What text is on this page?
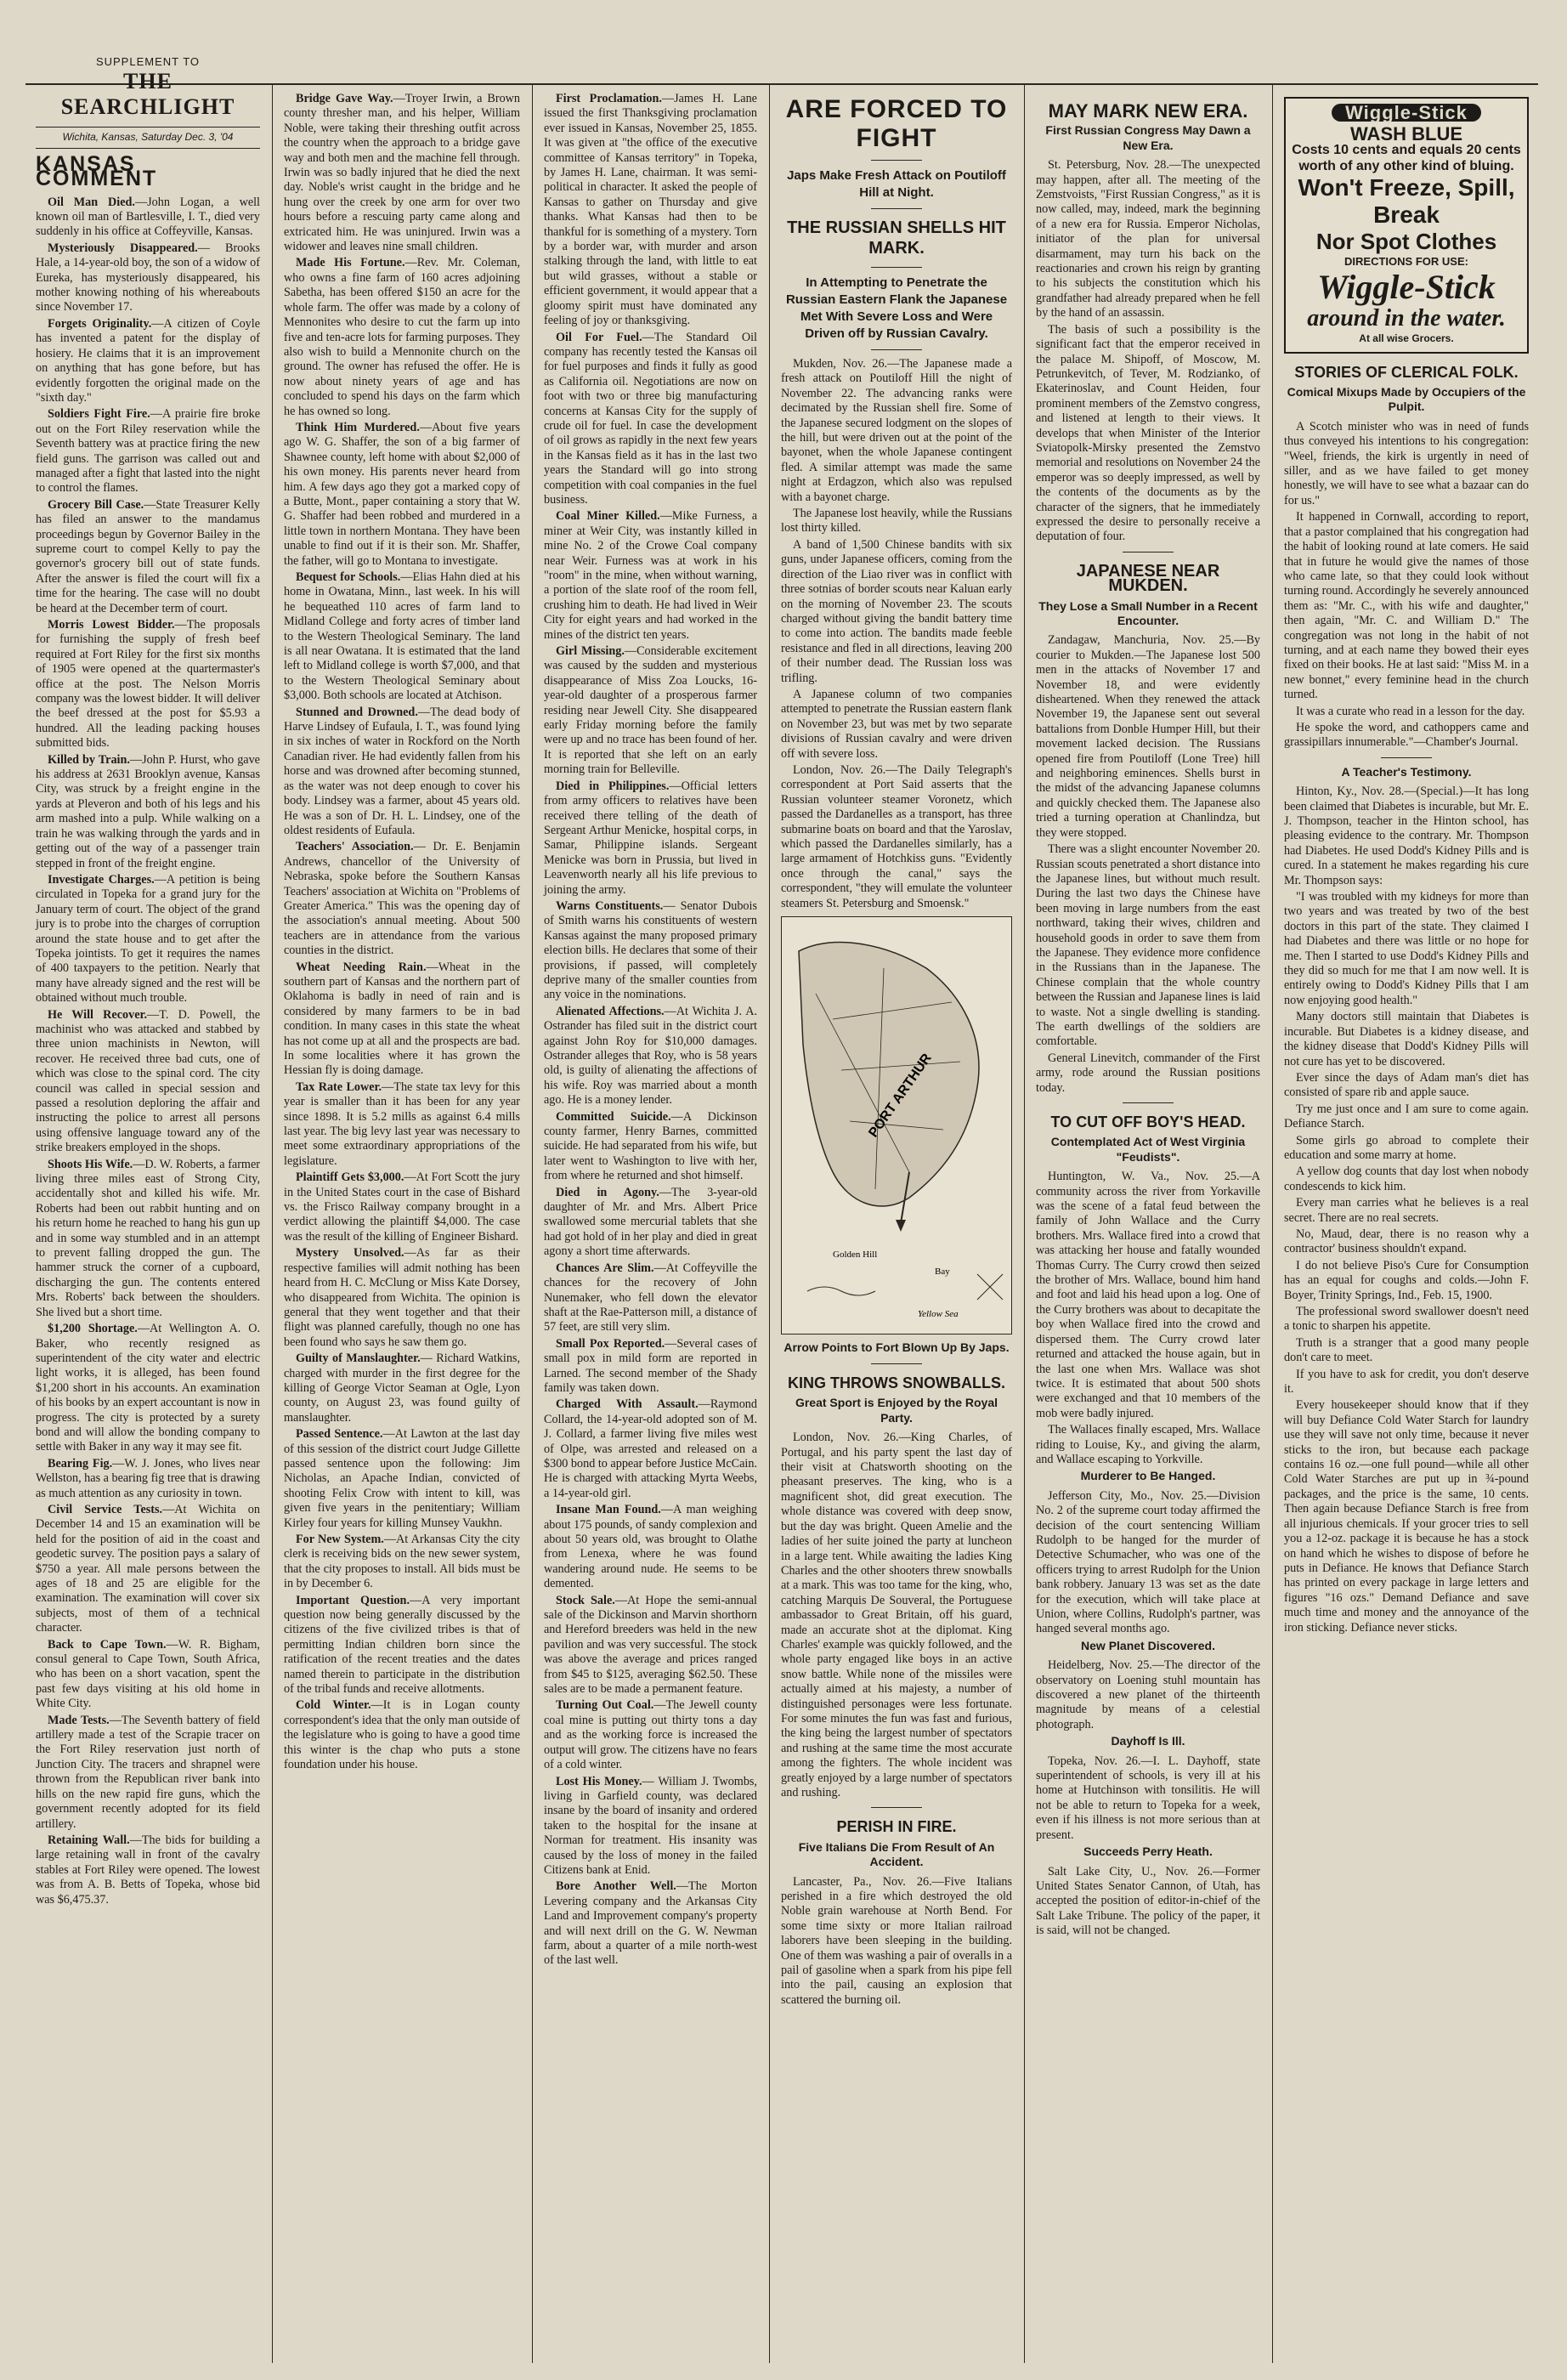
SUPPLEMENT TO
THE SEARCHLIGHT
Wichita, Kansas, Saturday Dec. 3, '04
KANSAS COMMENT

Oil Man Died.—John Logan, a well known oil man of Bartlesville, I. T., died very suddenly in his office at Coffeyville, Kansas.

Mysteriously Disappeared.— Brooks Hale, a 14-year-old boy, the son of a widow of Eureka, has mysteriously disappeared, his mother knowing nothing of his whereabouts since November 17.

Forgets Originality.—A citizen of Coyle has invented a patent for the display of hosiery. He claims that it is an improvement on anything that has gone before, but has evidently forgotten the original made on the "sixth day."

Soldiers Fight Fire.—A prairie fire broke out on the Fort Riley reservation while the Seventh battery was at practice firing the new field guns. The garrison was called out and managed after a fight that lasted into the night to control the flames.

Grocery Bill Case.—State Treasurer Kelly has filed an answer to the mandamus proceedings begun by Governor Bailey in the supreme court to compel Kelly to pay the governor's grocery bill out of state funds. After the answer is filed the court will fix a time for the hearing. The case will no doubt be heard at the December term of court.

Morris Lowest Bidder.—The proposals for furnishing the supply of fresh beef required at Fort Riley for the first six months of 1905 were opened at the quartermaster's office at the post. The Nelson Morris company was the lowest bidder. It will deliver the beef dressed at the post for $5.93 a hundred. All the leading packing houses submitted bids.

Killed by Train.—John P. Hurst, who gave his address at 2631 Brooklyn avenue, Kansas City, was struck by a freight engine in the yards at Pleveron and both of his legs and his arm mashed into a pulp. While walking on a train he was walking through the yards and in getting out of the way of a passenger train stepped in front of the freight engine.

Investigate Charges.—A petition is being circulated in Topeka for a grand jury for the January term of court. The object of the grand jury is to probe into the charges of corruption around the state house and to get after the Topeka jointists. To get it requires the names of 400 taxpayers to the petition. Nearly that many have already signed and the rest will be obtained without much trouble.

He Will Recover.—T. D. Powell, the machinist who was attacked and stabbed by three union machinists in Newton, will recover. He received three bad cuts, one of which was close to the spinal cord. The city council was called in special session and passed a resolution deploring the affair and instructing the police to arrest all persons using offensive language toward any of the strike breakers employed in the shops.

Shoots His Wife.—D. W. Roberts, a farmer living three miles east of Strong City, accidentally shot and killed his wife. Mr. Roberts had been out rabbit hunting and on his return home he reached to hang his gun up and in some way stumbled and in an attempt to prevent falling dropped the gun. The hammer struck the corner of a cupboard, discharging the gun. The contents entered Mrs. Roberts' back between the shoulders. She lived but a short time.

$1,200 Shortage.—At Wellington A. O. Baker, who recently resigned as superintendent of the city water and electric light works, it is alleged, has been found $1,200 short in his accounts. An examination of his books by an expert accountant is now in progress. The city is protected by a surety bond and will allow the bonding company to settle with Baker in any way it may see fit.

Bearing Fig.—W. J. Jones, who lives near Wellston, has a bearing fig tree that is drawing as much attention as any curiosity in town.

Civil Service Tests.—At Wichita on December 14 and 15 an examination will be held for the position of aid in the coast and geodetic survey. The position pays a salary of $750 a year. All male persons between the ages of 18 and 25 are eligible for the examination. The examination will cover six subjects, most of them of a technical character.

Back to Cape Town.—W. R. Bigham, consul general to Cape Town, South Africa, who has been on a short vacation, spent the past few days visiting at his old home in White City.

Made Tests.—The Seventh battery of field artillery made a test of the Scrapie tracer on the Fort Riley reservation just north of Junction City. The tracers and shrapnel were thrown from the Republican river bank into hills on the new rapid fire guns, which the government recently adopted for its field artillery.

Retaining Wall.—The bids for building a large retaining wall in front of the cavalry stables at Fort Riley were opened. The lowest was from A. B. Betts of Topeka, whose bid was $6,475.37.

Bridge Gave Way.—Troyer Irwin, a Brown county thresher man, and his helper, William Noble, were taking their threshing outfit across the country when the approach to a bridge gave way and both men and the machine fell through. Irwin was so badly injured that he died the next day. Noble's wrist caught in the bridge and he hung over the creek by one arm for over two hours before a rescuing party came along and extricated him. He was uninjured. Irwin was a widower and leaves nine small children.

Made His Fortune.—Rev. Mr. Coleman, who owns a fine farm of 160 acres adjoining Sabetha, has been offered $150 an acre for the whole farm. The offer was made by a colony of Mennonites who desire to cut the farm up into five and ten-acre lots for farming purposes. They also wish to build a Mennonite church on the ground. The owner has refused the offer. He is now about ninety years of age and has concluded to spend his days on the farm which he has owned so long.

Think Him Murdered.—About five years ago W. G. Shaffer, the son of a big farmer of Shawnee county, left home with about $2,000 of his own money. His parents never heard from him. A few days ago they got a marked copy of a Butte, Mont., paper containing a story that W. G. Shaffer had been robbed and murdered in a little town in northern Montana. They have been unable to find out if it is their son. Mr. Shaffer, the father, will go to Montana to investigate.

Bequest for Schools.—Elias Hahn died at his home in Owatana, Minn., last week. In his will he bequeathed 110 acres of farm land to Midland College and forty acres of timber land to the Western Theological Seminary. The land is all near Owatana. It is estimated that the land left to Midland college is worth $7,000, and that to the Western Theological Seminary about $3,000. Both schools are located at Atchison.

Stunned and Drowned.—The dead body of Harve Lindsey of Eufaula, I. T., was found lying in six inches of water in Rockford on the North Canadian river. He had evidently fallen from his horse and was drowned after becoming stunned, as the water was not deep enough to cover his body. Lindsey was a farmer, about 45 years old. He was a son of Dr. H. L. Lindsey, one of the oldest residents of Eufaula.

Teachers' Association.— Dr. E. Benjamin Andrews, chancellor of the University of Nebraska, spoke before the Southern Kansas Teachers' association at Wichita on "Problems of Greater America." This was the opening day of the association's annual meeting. About 500 teachers are in attendance from the various counties in the district.

Wheat Needing Rain.—Wheat in the southern part of Kansas and the northern part of Oklahoma is badly in need of rain and is considered by many farmers to be in bad condition. In many cases in this state the wheat has not come up at all and the prospects are bad. In some localities where it has grown the Hessian fly is doing damage.

Tax Rate Lower.—The state tax levy for this year is smaller than it has been for any year since 1898. It is 5.2 mills as against 6.4 mills last year. The big levy last year was necessary to meet some extraordinary appropriations of the legislature.

Plaintiff Gets $3,000.—At Fort Scott the jury in the United States court in the case of Bishard vs. the Frisco Railway company brought in a verdict allowing the plaintiff $4,000. The case was the result of the killing of Engineer Bishard.

Mystery Unsolved.—As far as their respective families will admit nothing has been heard from H. C. McClung or Miss Kate Dorsey, who disappeared from Wichita. The opinion is general that they went together and that their flight was planned carefully, though no one has been found who says he saw them go.

Guilty of Manslaughter.— Richard Watkins, charged with murder in the first degree for the killing of George Victor Seaman at Ogle, Lyon county, on August 23, was found guilty of manslaughter.

Passed Sentence.—At Lawton at the last day of this session of the district court Judge Gillette passed sentence upon the following: Jim Nicholas, an Apache Indian, convicted of shooting Felix Crow with intent to kill, was given five years in the penitentiary; William Kirley four years for killing Munsey Vaukhn.

For New System.—At Arkansas City the city clerk is receiving bids on the new sewer system, that the city proposes to install. All bids must be in by December 6.

Important Question.—A very important question now being generally discussed by the citizens of the five civilized tribes is that of permitting Indian children born since the ratification of the recent treaties and the dates named therein to participate in the distribution of the tribal funds and receive allotments.

Cold Winter.—It is in Logan county correspondent's idea that the only man outside of the legislature who is going to have a good time this winter is the chap who puts a stone foundation under his house.

First Proclamation.—James H. Lane issued the first Thanksgiving proclamation ever issued in Kansas, November 25, 1855. It was given at "the office of the executive committee of Kansas territory" in Topeka, by James H. Lane, chairman. It was semi-political in character. It asked the people of Kansas to gather on Thursday and give thanks. What Kansas had then to be thankful for is something of a mystery. Torn by a border war, with murder and arson stalking through the land, with little to eat but wild grasses, without a stable or efficient government, it would appear that a gloomy spirit must have dominated any feeling of joy or thanksgiving.

Oil For Fuel.—The Standard Oil company has recently tested the Kansas oil for fuel purposes and finds it fully as good as California oil. Negotiations are now on foot with two or three big manufacturing concerns at Kansas City for the supply of crude oil for fuel. In case the development of oil grows as rapidly in the next few years in the Kansas field as it has in the last two years the Standard will go into strong competition with coal companies in the fuel business.

Coal Miner Killed.—Mike Furness, a miner at Weir City, was instantly killed in mine No. 2 of the Crowe Coal company near Weir. Furness was at work in his "room" in the mine, when without warning, a portion of the slate roof of the room fell, crushing him to death. He had lived in Weir City for eight years and had worked in the mines of the district ten years.

Girl Missing.—Considerable excitement was caused by the sudden and mysterious disappearance of Miss Zoa Loucks, 16-year-old daughter of a prosperous farmer residing near Jewell City. She disappeared early Friday morning before the family were up and no trace has been found of her. It is reported that she left on an early morning train for Belleville.

Died in Philippines.—Official letters from army officers to relatives have been received there telling of the death of Sergeant Arthur Menicke, hospital corps, in Samar, Philippine islands. Sergeant Menicke was born in Prussia, but lived in Leavenworth nearly all his life previous to joining the army.

Warns Constituents.— Senator Dubois of Smith warns his constituents of western Kansas against the many proposed primary election bills. He declares that some of their provisions, if passed, will completely deprive many of the smaller counties from any voice in the nominations.

Alienated Affections.—At Wichita J. A. Ostrander has filed suit in the district court against John Roy for $10,000 damages. Ostrander alleges that Roy, who is 58 years old, is guilty of alienating the affections of his wife. Roy was married about a month ago. He is a money lender.

Committed Suicide.—A Dickinson county farmer, Henry Barnes, committed suicide. He had separated from his wife, but later went to Washington to live with her, from where he returned and shot himself.

Died in Agony.—The 3-year-old daughter of Mr. and Mrs. Albert Price swallowed some mercurial tablets that she had got hold of in her play and died in great agony a short time afterwards.

Chances Are Slim.—At Coffeyville the chances for the recovery of John Nunemaker, who fell down the elevator shaft at the Rae-Patterson mill, a distance of 57 feet, are still very slim.

Small Pox Reported.—Several cases of small pox in mild form are reported in Larned. The second member of the Shady family was taken down.

Charged With Assault.—Raymond Collard, the 14-year-old adopted son of M. J. Collard, a farmer living five miles west of Olpe, was arrested and released on a $300 bond to appear before Justice McCain. He is charged with attacking Myrta Weebs, a 14-year-old girl.

Insane Man Found.—A man weighing about 175 pounds, of sandy complexion and about 50 years old, was brought to Olathe from Lenexa, where he was found wandering around nude. He seems to be demented.

Stock Sale.—At Hope the semi-annual sale of the Dickinson and Marvin shorthorn and Hereford breeders was held in the new pavilion and was very successful. The stock was above the average and prices ranged from $45 to $125, averaging $62.50. These sales are to be made a permanent feature.

Turning Out Coal.—The Jewell county coal mine is putting out thirty tons a day and as the working force is increased the output will grow. The citizens have no fears of a cold winter.

Lost His Money.— William J. Twombs, living in Garfield county, was declared insane by the board of insanity and ordered taken to the hospital for the insane at Norman for treatment. His insanity was caused by the loss of money in the failed Citizens bank at Enid.

Bore Another Well.—The Morton Levering company and the Arkansas City Land and Improvement company's property and will next drill on the G. W. Newman farm, about a quarter of a mile north-west of the last well.

ARE FORCED TO FIGHT
Japs Make Fresh Attack on Poutiloff Hill at Night.
THE RUSSIAN SHELLS HIT MARK.
In Attempting to Penetrate the Russian Eastern Flank the Japanese Met With Severe Loss and Were Driven off by Russian Cavalry.

Mukden, Nov. 26.—The Japanese made a fresh attack on Poutiloff Hill the night of November 22. The advancing ranks were decimated by the Russian shell fire. Some of the Japanese secured lodgment on the slopes of the hill, but were driven out at the point of the bayonet, when the whole Japanese contingent fled. A similar attempt was made the same night at Erdagzon, which also was repulsed with a bayonet charge.

The Japanese lost heavily, while the Russians lost thirty killed.

A band of 1,500 Chinese bandits with six guns, under Japanese officers, coming from the direction of the Liao river was in conflict with three sotnias of border scouts near Kaluan early on the morning of November 23. The scouts charged without giving the bandit battery time to come into action. The bandits made feeble resistance and fled in all directions, leaving 200 of their number dead. The Russian loss was trifling.

A Japanese column of two companies attempted to penetrate the Russian eastern flank on November 23, but was met by two separate divisions of Russian cavalry and were driven off with severe loss.

London, Nov. 26.—The Daily Telegraph's correspondent at Port Said asserts that the Russian volunteer steamer Voronetz, which passed the Dardanelles as a transport, has three submarine boats on board and that the Yaroslav, which passed the Dardanelles similarly, has a large armament of Hotchkiss guns. "Evidently once through the canal," says the correspondent, "they will emulate the volunteer steamers St. Petersburg and Smoensk."

PORT ARTHUR
Golden Hill
Bay
Yellow Sea
Arrow Points to Fort Blown Up By Japs.
KING THROWS SNOWBALLS.
Great Sport is Enjoyed by the Royal Party.

London, Nov. 26.—King Charles, of Portugal, and his party spent the last day of their visit at Chatsworth shooting on the pheasant preserves. The king, who is a magnificent shot, did great execution. The whole distance was covered with deep snow, but the day was bright. Queen Amelie and the ladies of her suite joined the party at luncheon in a large tent. While awaiting the ladies King Charles and the other shooters threw snowballs at a mark. This was too tame for the king, who, catching Marquis De Souveral, the Portuguese ambassador to Great Britain, off his guard, made an accurate shot at the diplomat. King Charles' example was quickly followed, and the whole party engaged like boys in an active snow battle. While none of the missiles were actually aimed at his majesty, a number of distinguished personages were less fortunate. For some minutes the fun was fast and furious, the king being the largest number of spectators and rushing at the same time the most accurate among the fighters. The whole incident was greatly enjoyed by a large number of spectators and rushing.

PERISH IN FIRE.
Five Italians Die From Result of An Accident.

Lancaster, Pa., Nov. 26.—Five Italians perished in a fire which destroyed the old Noble grain warehouse at North Bend. For some time sixty or more Italian railroad laborers have been sleeping in the building. One of them was washing a pair of overalls in a pail of gasoline when a spark from his pipe fell into the pail, causing an explosion that scattered the burning oil.

MAY MARK NEW ERA.
First Russian Congress May Dawn a New Era.

St. Petersburg, Nov. 28.—The unexpected may happen, after all. The meeting of the Zemstvoists, "First Russian Congress," as it is now called, may, indeed, mark the beginning of a new era for Russia. Emperor Nicholas, initiator of the plan for universal disarmament, may turn his back on the reactionaries and crown his reign by granting to his subjects the constitution which his grandfather had already prepared when he fell by the hand of an assassin.

The basis of such a possibility is the significant fact that the emperor received in the palace M. Shipoff, of Moscow, M. Petrunkevitch, of Tever, M. Rodzianko, of Ekaterinoslav, and Count Heiden, four prominent members of the Zemstvo congress, and listened at length to their views. It develops that when Minister of the Interior Sviatopolk-Mirsky presented the Zemstvo memorial and resolutions on November 24 the emperor was so deeply impressed, as well by the contents of the documents as by the character of the signers, that he immediately expressed the desire to personally receive a deputation of four.

JAPANESE NEAR MUKDEN.
They Lose a Small Number in a Recent Encounter.

Zandagaw, Manchuria, Nov. 25.—By courier to Mukden.—The Japanese lost 500 men in the attacks of November 17 and November 18, and were evidently disheartened. When they renewed the attack November 19, the Japanese sent out several battalions from Donble Humper Hill, but their movement lacked decision. The Russians opened fire from Poutiloff (Lone Tree) hill and neighboring eminences. Shells burst in the midst of the advancing Japanese columns and quickly checked them. The Japanese also tried a turning operation at Chanlindza, but they were stopped.

There was a slight encounter November 20. Russian scouts penetrated a short distance into the Japanese lines, but without much result. During the last two days the Chinese have been moving in large numbers from the east northward, taking their wives, children and household goods in order to save them from the Japanese. They evidence more confidence in the Russians than in the Japanese. The Chinese complain that the whole country between the Russian and Japanese lines is laid to waste. Not a single dwelling is standing. The earth dwellings of the soldiers are comfortable.

General Linevitch, commander of the First army, rode around the Russian positions today.

TO CUT OFF BOY'S HEAD.
Contemplated Act of West Virginia "Feudists".

Huntington, W. Va., Nov. 25.—A community across the river from Yorkaville was the scene of a fatal feud between the family of John Wallace and the Curry brothers. Mrs. Wallace fired into a crowd that was attacking her house and fatally wounded Thomas Curry. The Curry crowd then seized the brother of Mrs. Wallace, bound him hand and foot and laid his head upon a log. One of the Curry brothers was about to decapitate the boy when Wallace fired into the crowd and dispersed them. The Curry crowd later returned and attacked the house again, but in the last one when Mrs. Wallace was shot twice. It is estimated that about 500 shots were exchanged and that 10 members of the mob were badly injured.

The Wallaces finally escaped, Mrs. Wallace riding to Louise, Ky., and giving the alarm, and Wallace escaping to Yorkville.

Murderer to Be Hanged.

Jefferson City, Mo., Nov. 25.—Division No. 2 of the supreme court today affirmed the decision of the court sentencing William Rudolph to be hanged for the murder of Detective Schumacher, who was one of the officers trying to arrest Rudolph for the Union bank robbery. January 13 was set as the date for the execution, which will take place at Union, where Collins, Rudolph's partner, was hanged several months ago.

New Planet Discovered.

Heidelberg, Nov. 25.—The director of the observatory on Loening stuhl mountain has discovered a new planet of the thirteenth magnitude by means of a celestial photograph.

Dayhoff Is Ill.

Topeka, Nov. 26.—I. L. Dayhoff, state superintendent of schools, is very ill at his home at Hutchinson with tonsilitis. He will not be able to return to Topeka for a week, even if his illness is not more serious than at present.

Succeeds Perry Heath.

Salt Lake City, U., Nov. 26.—Former United States Senator Cannon, of Utah, has accepted the position of editor-in-chief of the Salt Lake Tribune. The policy of the paper, it is said, will not be changed.

Wiggle-Stick
WASH BLUE
Costs 10 cents and equals 20 cents worth of any other kind of bluing.
Won't Freeze, Spill, Break
Nor Spot Clothes
DIRECTIONS FOR USE:
Wiggle-Stick
around in the water.
At all wise Grocers.
STORIES OF CLERICAL FOLK.
Comical Mixups Made by Occupiers of the Pulpit.

A Scotch minister who was in need of funds thus conveyed his intentions to his congregation: "Weel, friends, the kirk is urgently in need of siller, and as we have failed to get money honestly, we will have to see what a bazaar can do for us."

It happened in Cornwall, according to report, that a pastor complained that his congregation had the habit of looking round at late comers. He said that in future he would give the names of those who came late, so that they could look without turning round. Accordingly he severely announced them as: "Mr. C., with his wife and daughter," then again, "Mr. C. and William D." The congregation was not long in the habit of not turning, and at each name they bowed their eyes fixed on their books. He at last said: "Miss M. in a new bonnet," every feminine head in the church turned.

It was a curate who read in a lesson for the day.

He spoke the word, and cathoppers came and grassipillars innumerable."—Chamber's Journal.

A Teacher's Testimony.

Hinton, Ky., Nov. 28.—(Special.)—It has long been claimed that Diabetes is incurable, but Mr. E. J. Thompson, teacher in the Hinton school, has pleasing evidence to the contrary. Mr. Thompson had Diabetes. He used Dodd's Kidney Pills and is cured. In a statement he makes regarding his cure Mr. Thompson says:

"I was troubled with my kidneys for more than two years and was treated by two of the best doctors in this part of the state. They claimed I had Diabetes and there was little or no hope for me. Then I started to use Dodd's Kidney Pills and they did so much for me that I am now well. It is entirely owing to Dodd's Kidney Pills that I am now enjoying good health."

Many doctors still maintain that Diabetes is incurable. But Diabetes is a kidney disease, and the kidney disease that Dodd's Kidney Pills will not cure has yet to be discovered.

Ever since the days of Adam man's diet has consisted of spare rib and apple sauce.

Try me just once and I am sure to come again. Defiance Starch.

Some girls go abroad to complete their education and some marry at home.

A yellow dog counts that day lost when nobody condescends to kick him.

Every man carries what he believes is a real secret. There are no real secrets.

No, Maud, dear, there is no reason why a contractor' business shouldn't expand.

I do not believe Piso's Cure for Consumption has an equal for coughs and colds.—John F. Boyer, Trinity Springs, Ind., Feb. 15, 1900.

The professional sword swallower doesn't need a tonic to sharpen his appetite.

Truth is a stranger that a good many people don't care to meet.

If you have to ask for credit, you don't deserve it.

Every housekeeper should know that if they will buy Defiance Cold Water Starch for laundry use they will save not only time, because it never sticks to the iron, but because each package contains 16 oz.—one full pound—while all other Cold Water Starches are put up in ¾-pound packages, and the price is the same, 10 cents. Then again because Defiance Starch is free from all injurious chemicals. If your grocer tries to sell you a 12-oz. package it is because he has a stock on hand which he wishes to dispose of before he puts in Defiance. He knows that Defiance Starch has printed on every package in large letters and figures "16 ozs." Demand Defiance and save much time and money and the annoyance of the iron sticking. Defiance never sticks.
